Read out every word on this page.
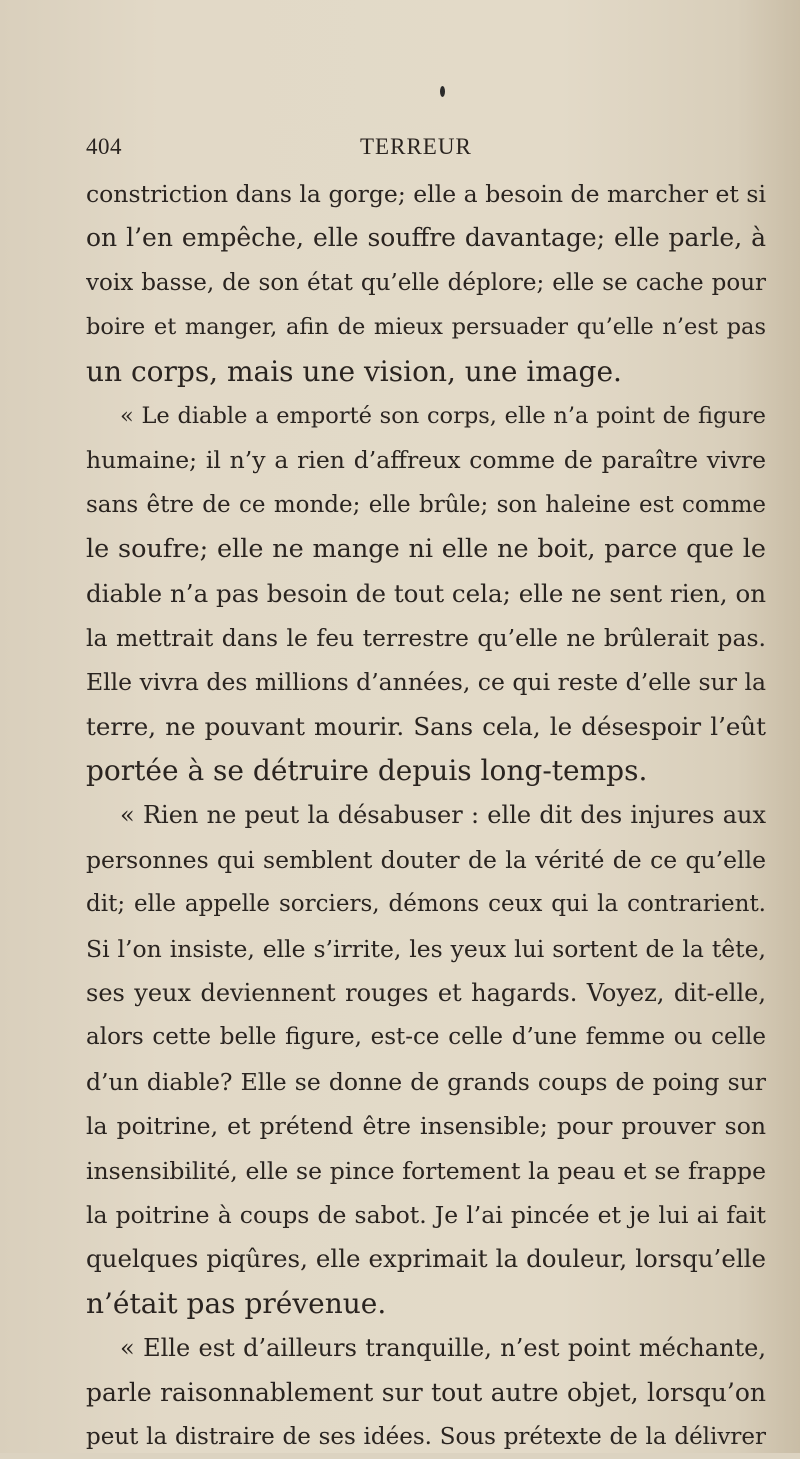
404	TERREUR
constriction dans la gorge; elle a besoin de marcher et si
on l’en empêche, elle souffre davantage; elle parle, à
voix basse, de son état qu’elle déplore; elle se cache pour
boire et manger, afin de mieux persuader qu’elle n’est pas
un corps, mais une vision, une image.
« Le diable a emporté son corps, elle n’a point de figure
humaine; il n’y a rien d’affreux comme de paraître vivre
sans être de ce monde; elle brûle; son haleine est comme
le soufre; elle ne mange ni elle ne boit, parce que le
diable n’a pas besoin de tout cela; elle ne sent rien, on
la mettrait dans le feu terrestre qu’elle ne brûlerait pas.
Elle vivra des millions d’années, ce qui reste d’elle sur la
terre, ne pouvant mourir. Sans cela, le désespoir l’eût
portée à se détruire depuis long-temps.
« Rien ne peut la désabuser : elle dit des injures aux
personnes qui semblent douter de la vérité de ce qu’elle
dit; elle appelle sorciers, démons ceux qui la contrarient.
Si l’on insiste, elle s’irrite, les yeux lui sortent de la tête,
ses yeux deviennent rouges et hagards. Voyez, dit-elle,
alors cette belle figure, est-ce celle d’une femme ou celle
d’un diable? Elle se donne de grands coups de poing sur
la poitrine, et prétend être insensible; pour prouver son
insensibilité, elle se pince fortement la peau et se frappe
la poitrine à coups de sabot. Je l’ai pincée et je lui ai fait
quelques piqûres, elle exprimait la douleur, lorsqu’elle
n’était pas prévenue.
« Elle est d’ailleurs tranquille, n’est point méchante,
parle raisonnablement sur tout autre objet, lorsqu’on
peut la distraire de ses idées. Sous prétexte de la délivrer
